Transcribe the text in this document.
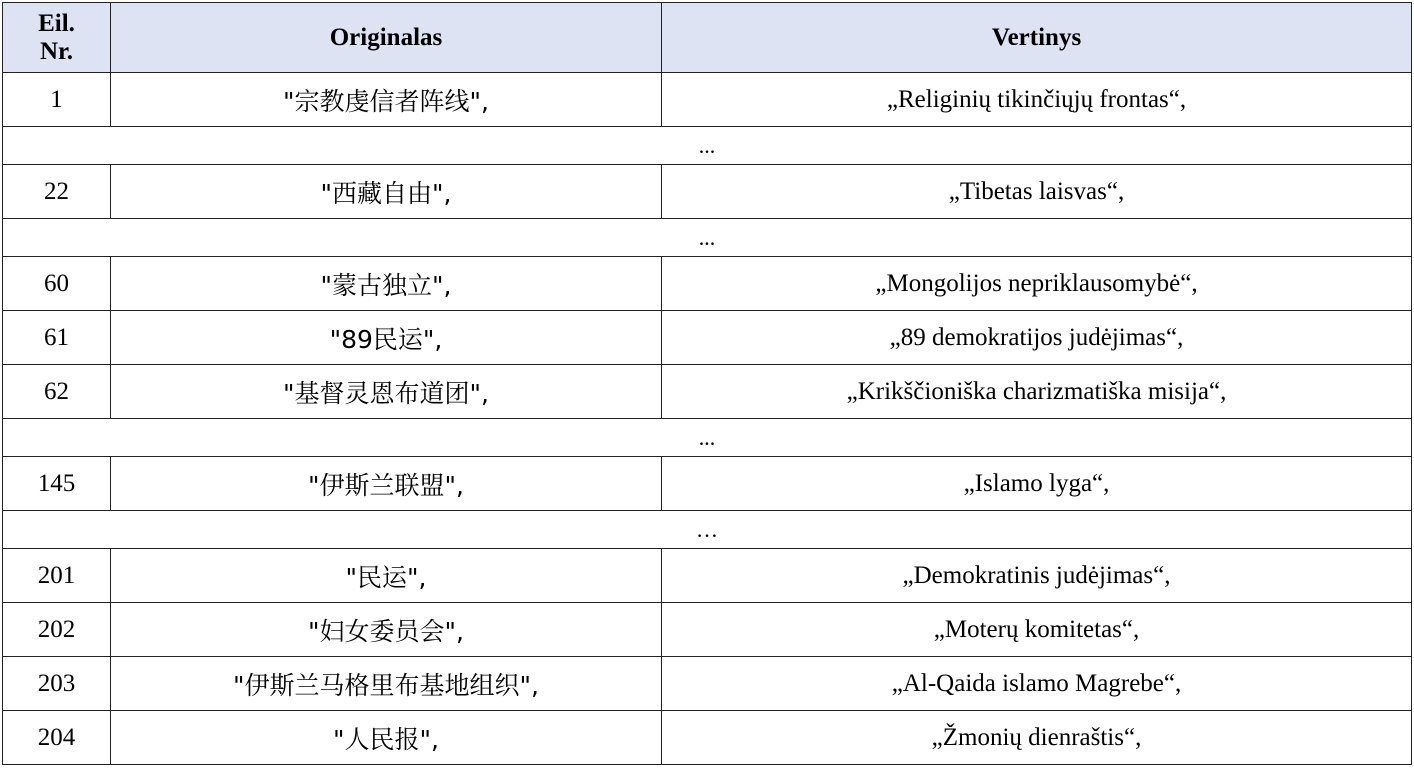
Eil.
Nr.	Originalas	Vertinys
1	"宗教虔信者阵线",	„Religinių tikinčiųjų frontas“,
...		
22	"西藏自由",	„Tibetas laisvas“,
...		
60	"蒙古独立",	„Mongolijos nepriklausomybė“,
61	"89民运",	„89 demokratijos judėjimas“,
62	"基督灵恩布道团",	„Krikščioniška charizmatiška misija“,
...		
145	"伊斯兰联盟",	„Islamo lyga“,
…		
201	"民运",	„Demokratinis judėjimas“,
202	"妇女委员会",	„Moterų komitetas“,
203	"伊斯兰马格里布基地组织",	„Al-Qaida islamo Magrebe“,
204	"人民报",	„Žmonių dienraštis“,
